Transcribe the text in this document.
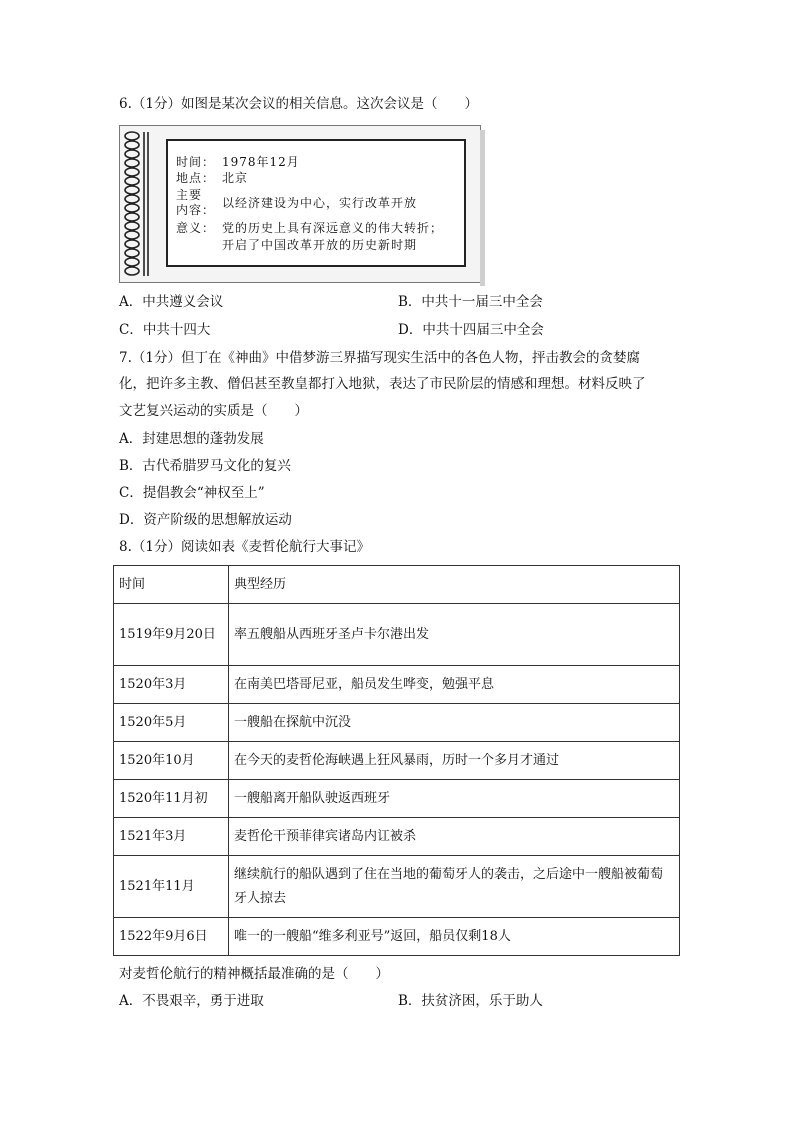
6.（1分）如图是某次会议的相关信息。这次会议是（　　）
时间： 1978年12月
地点： 北京
主要
内容： 以经济建设为中心，实行改革开放
意义： 党的历史上具有深远意义的伟大转折；
开启了中国改革开放的历史新时期
A．中共遵义会议	B．中共十一届三中全会
C．中共十四大	D．中共十四届三中全会
7.（1分）但丁在《神曲》中借梦游三界描写现实生活中的各色人物，抨击教会的贪婪腐
化，把许多主教、僧侣甚至教皇都打入地狱，表达了市民阶层的情感和理想。材料反映了
文艺复兴运动的实质是（　　）
A．封建思想的蓬勃发展
B．古代希腊罗马文化的复兴
C．提倡教会“神权至上”
D．资产阶级的思想解放运动
8.（1分）阅读如表《麦哲伦航行大事记》
时间	典型经历
1519年9月20日	率五艘船从西班牙圣卢卡尔港出发
1520年3月	在南美巴塔哥尼亚，船员发生哗变，勉强平息
1520年5月	一艘船在探航中沉没
1520年10月	在今天的麦哲伦海峡遇上狂风暴雨，历时一个多月才通过
1520年11月初	一艘船离开船队驶返西班牙
1521年3月	麦哲伦干预菲律宾诸岛内讧被杀
1521年11月	继续航行的船队遇到了住在当地的葡萄牙人的袭击，之后途中一艘船被葡萄牙人掠去
1522年9月6日	唯一的一艘船“维多利亚号”返回，船员仅剩18人
对麦哲伦航行的精神概括最准确的是（　　）
A．不畏艰辛，勇于进取	B．扶贫济困，乐于助人
